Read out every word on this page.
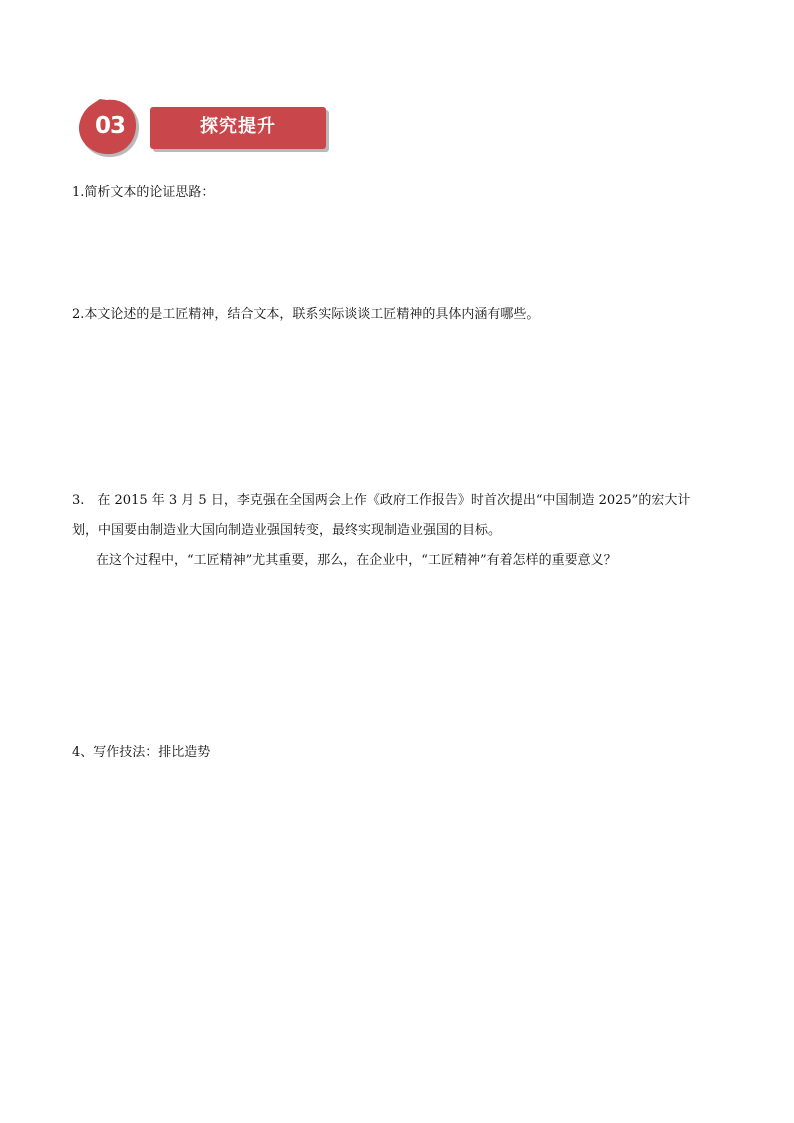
03	探究提升
1.简析文本的论证思路：
2.本文论述的是工匠精神，结合文本，联系实际谈谈工匠精神的具体内涵有哪些。
3.　在 2015 年 3 月 5 日，李克强在全国两会上作《政府工作报告》时首次提出“中国制造 2025”的宏大计
划，中国要由制造业大国向制造业强国转变，最终实现制造业强国的目标。
在这个过程中，“工匠精神”尤其重要，那么，在企业中，“工匠精神”有着怎样的重要意义？
4、写作技法：排比造势
